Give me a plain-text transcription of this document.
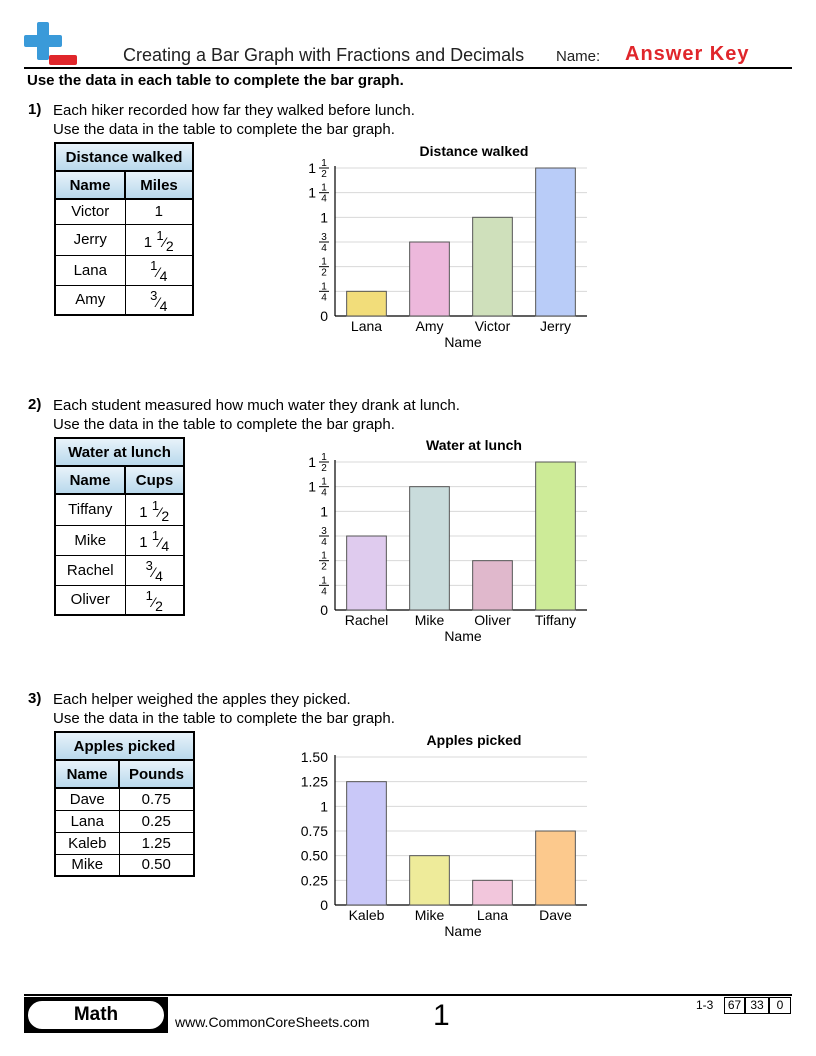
Creating a Bar Graph with Fractions and Decimals Name: Answer Key
Use the data in each table to complete the bar graph.
1) Each hiker recorded how far they walked before lunch.
Use the data in the table to complete the bar graph.
Distance walked	
Name	Miles
Victor	1
Jerry	1 $^1$⁄2
Lana	$^1$⁄4
Amy	$^3$⁄4
Distance walked
0
1
4
1
2
3
4
1
1 1
4
1 1
2
Lana Amy Victor Jerry
Name
2) Each student measured how much water they drank at lunch.
Use the data in the table to complete the bar graph.
Water at lunch	
Name	Cups
Tiffany	1 $^1$⁄2
Mike	1 $^1$⁄4
Rachel	$^3$⁄4
Oliver	$^1$⁄2
Water at lunch
0
1
4
1
2
3
4
1
1 1
4
1 1
2
Rachel Mike Oliver Tiffany
Name
3) Each helper weighed the apples they picked.
Use the data in the table to complete the bar graph.
Apples picked	
Name	Pounds
Dave	0.75
Lana	0.25
Kaleb	1.25
Mike	0.50
Apples picked
0
0.25
0.50
0.75
1
1.25
1.50
Kaleb Mike Lana Dave
Name
Math	www.CommonCoreSheets.com 1	1-3	67 33	0
